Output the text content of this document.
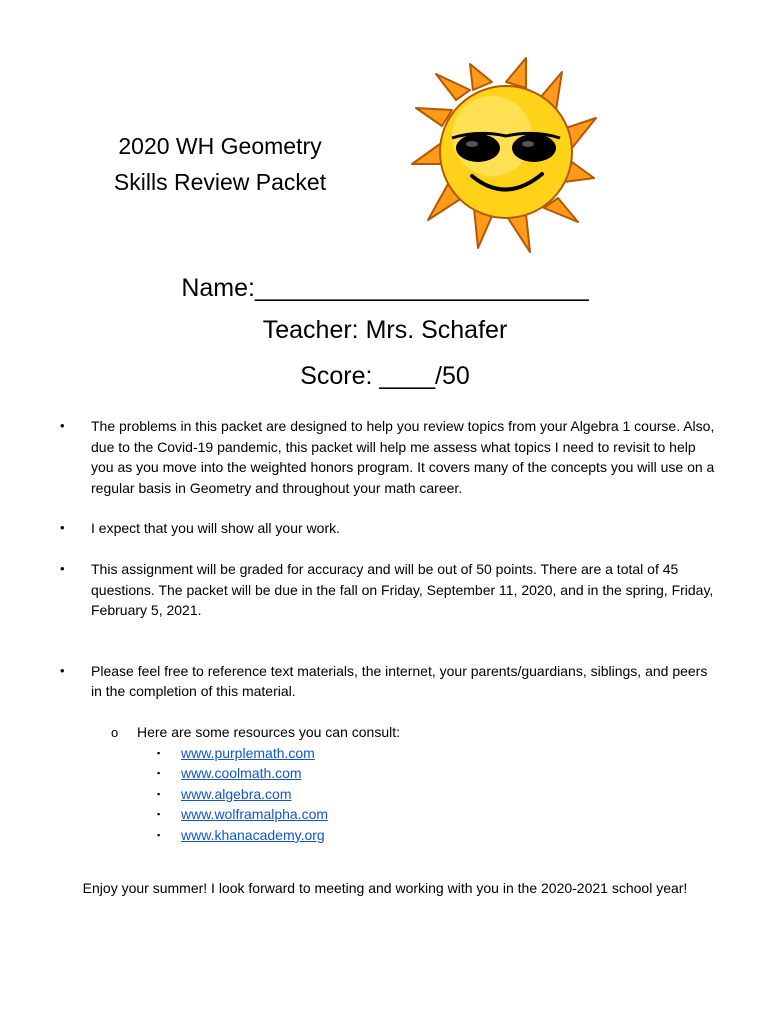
2020 WH Geometry
Skills Review Packet
Name:________________________
Teacher: Mrs. Schafer
Score: ____/50
• The problems in this packet are designed to help you review topics from your Algebra 1 course. Also, due to the Covid-19 pandemic, this packet will help me assess what topics I need to revisit to help you as you move into the weighted honors program. It covers many of the concepts you will use on a regular basis in Geometry and throughout your math career.
• I expect that you will show all your work.
• This assignment will be graded for accuracy and will be out of 50 points. There are a total of 45 questions. The packet will be due in the fall on Friday, September 11, 2020, and in the spring, Friday, February 5, 2021.
• Please feel free to reference text materials, the internet, your parents/guardians, siblings, and peers in the completion of this material.
o Here are some resources you can consult:
▪ www.purplemath.com
▪ www.coolmath.com
▪ www.algebra.com
▪ www.wolframalpha.com
▪ www.khanacademy.org
Enjoy your summer! I look forward to meeting and working with you in the 2020-2021 school year!
